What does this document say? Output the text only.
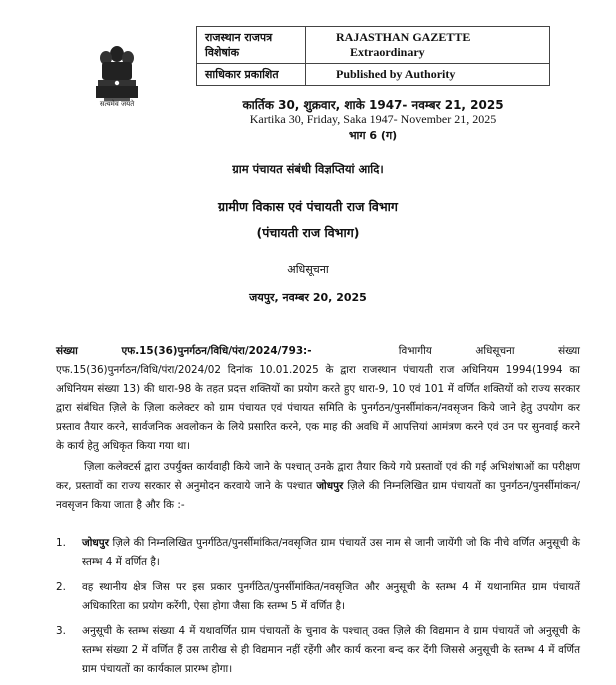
सत्यमेव जयते
राजस्थान राजपत्र
विशेषांक	RAJASTHAN GAZETTE
Extraordinary

साधिकार प्रकाशित	Published by Authority
कार्तिक 30, शुक्रवार, शाके 1947- नवम्बर 21, 2025
Kartika 30, Friday, Saka 1947- November 21, 2025
भाग 6 (ग)
ग्राम पंचायत संबंधी विज्ञप्तियां आदि।
ग्रामीण विकास एवं पंचायती राज विभाग
(पंचायती राज विभाग)
अधिसूचना
जयपुर, नवम्बर 20, 2025
संख्या	एफ.15(36)पुनर्गठन/विधि/पंरा/2024/793:-	विभागीय	अधिसूचना	संख्या
एफ.15(36)पुनर्गठन/विधि/पंरा/2024/02 दिनांक 10.01.2025 के द्वारा राजस्थान पंचायती राज अधिनियम 1994(1994 का अधिनियम संख्या 13) की धारा-98 के तहत प्रदत्त शक्तियों का प्रयोग करते हुए धारा-9, 10 एवं 101 में वर्णित शक्तियों को राज्य सरकार द्वारा संबंधित ज़िले के ज़िला कलेक्टर को ग्राम पंचायत एवं पंचायत समिति के पुनर्गठन/पुनर्सीमांकन/नवसृजन किये जाने हेतु उपयोग कर प्रस्ताव तैयार करने, सार्वजनिक अवलोकन के लिये प्रसारित करने, एक माह की अवधि में आपत्तियां आमंत्रण करने एवं उन पर सुनवाई करने के कार्य हेतु अधिकृत किया गया था।
ज़िला कलेक्टर्स द्वारा उपर्युक्त कार्यवाही किये जाने के पश्चात् उनके द्वारा तैयार किये गये प्रस्तावों एवं की गई अभिशंषाओं का परीक्षण कर, प्रस्तावों का राज्य सरकार से अनुमोदन करवाये जाने के पश्चात जोधपुर ज़िले की निम्नलिखित ग्राम पंचायतों का पुनर्गठन/पुनर्सीमांकन/नवसृजन किया जाता है और कि :-
1.	जोधपुर ज़िले की निम्नलिखित पुनर्गठित/पुनर्सीमांकित/नवसृजित ग्राम पंचायतें उस नाम से जानी जायेंगी जो कि नीचे वर्णित अनुसूची के स्तम्भ 4 में वर्णित है।
2.	वह स्थानीय क्षेत्र जिस पर इस प्रकार पुनर्गठित/पुनर्सीमांकित/नवसृजित और अनुसूची के स्तम्भ 4 में यथानामित ग्राम पंचायतें अधिकारिता का प्रयोग करेंगी, ऐसा होगा जैसा कि स्तम्भ 5 में वर्णित है।
3.	अनुसूची के स्तम्भ संख्या 4 में यथावर्णित ग्राम पंचायतों के चुनाव के पश्चात् उक्त ज़िले की विद्यमान वे ग्राम पंचायतें जो अनुसूची के स्तम्भ संख्या 2 में वर्णित हैं उस तारीख से ही विद्यमान नहीं रहेंगी और कार्य करना बन्द कर देंगी जिससे अनुसूची के स्तम्भ 4 में वर्णित ग्राम पंचायतों का कार्यकाल प्रारम्भ होगा।
